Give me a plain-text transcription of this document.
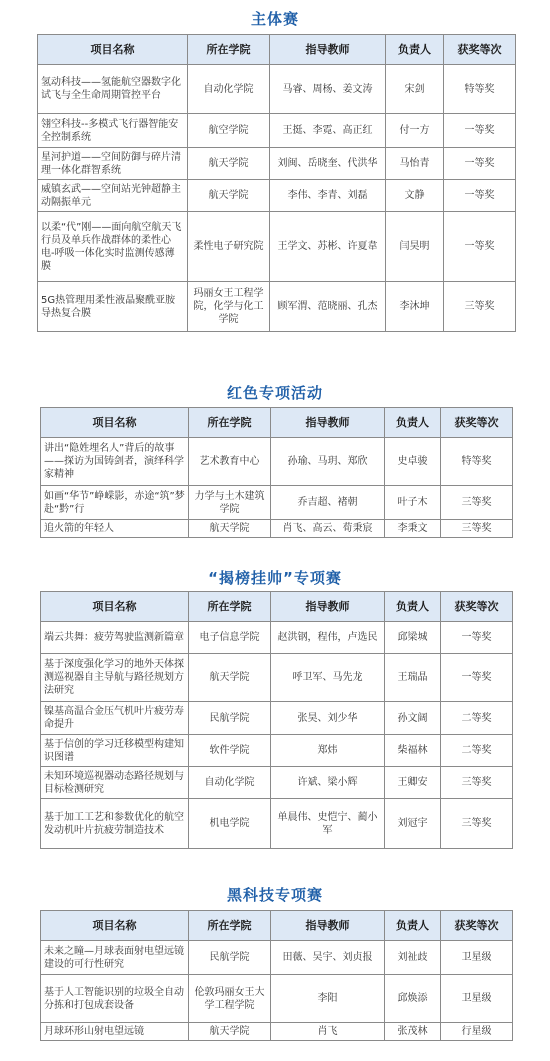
主体赛
项目名称	所在学院	指导教师	负责人	获奖等次
氢动科技——氢能航空器数字化试飞与全生命周期管控平台	自动化学院	马睿、周杨、姜文涛	宋剑	特等奖
翎空科技--多模式飞行器智能安全控制系统	航空学院	王挺、李霓、高正红	付一方	一等奖
星河护道——空间防御与碎片清理一体化群智系统	航天学院	刘闽、岳晓奎、代洪华	马怡青	一等奖
威镇玄武——空间站光钟超静主动隔振单元	航天学院	李伟、李青、刘磊	文静	一等奖
以柔“代”刚——面向航空航天飞行员及单兵作战群体的柔性心电-呼吸一体化实时监测传感薄膜	柔性电子研究院	王学文、苏彬、许夏韋	闫昊明	一等奖
5G热管理用柔性液晶聚酰亚胺导热复合膜	玛丽女王工程学院，化学与化工学院	顾军渭、范晓丽、孔杰	李沐坤	三等奖
红色专项活动
项目名称	所在学院	指导教师	负责人	获奖等次
讲出“隐姓埋名人”背后的故事——探访为国铸剑者，演绎科学家精神	艺术教育中心	孙瑜、马玥、郑欣	史卓骏	特等奖
如画“华节”峥嵘影，赤途“筑”梦赴“黔”行	力学与土木建筑学院	乔吉超、褚朝	叶子木	三等奖
追火箭的年轻人	航天学院	肖飞、高云、荀秉宸	李秉文	三等奖
“揭榜挂帅”专项赛
项目名称	所在学院	指导教师	负责人	获奖等次
端云共舞：疲劳驾驶监测新篇章	电子信息学院	赵洪钢，程伟，卢选民	邱梁城	一等奖
基于深度强化学习的地外天体探测巡视器自主导航与路径规划方法研究	航天学院	呼卫军、马先龙	王瑞晶	一等奖
镍基高温合金压气机叶片疲劳寿命提升	民航学院	张昊、刘少华	孙文阔	二等奖
基于信创的学习迁移模型构建知识图谱	软件学院	郑炜	柴福林	二等奖
未知环境巡视器动态路径规划与目标检测研究	自动化学院	许斌、梁小辉	王卿安	三等奖
基于加工工艺和参数优化的航空发动机叶片抗疲劳制造技术	机电学院	单晨伟、史恺宁、蔺小军	刘冠宇	三等奖
黑科技专项赛
项目名称	所在学院	指导教师	负责人	获奖等次
未来之瞳—月球表面射电望远镜建设的可行性研究	民航学院	田薇、吴宇、刘贞报	刘祉歧	卫星级
基于人工智能识别的垃圾全自动分拣和打包成套设备	伦敦玛丽女王大学工程学院	李阳	邱焕添	卫星级
月球环形山射电望远镜	航天学院	肖飞	张茂林	行星级
